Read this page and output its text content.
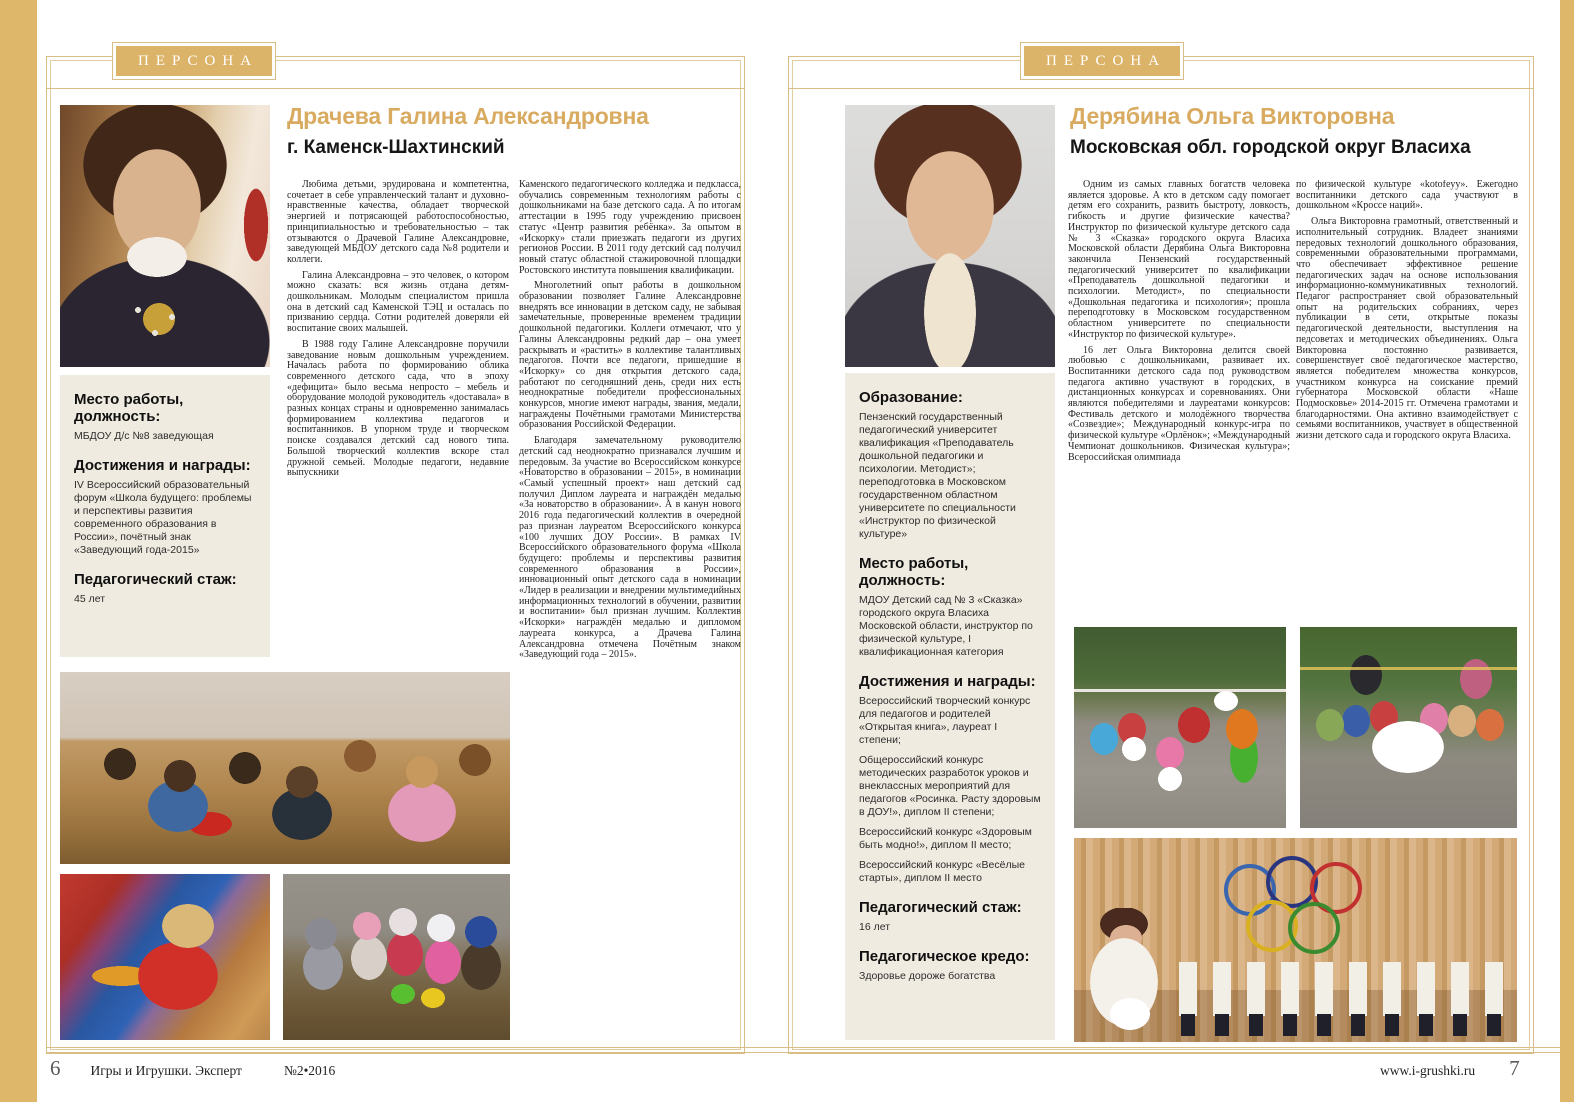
ПЕРСОНА
Драчева Галина Александровна
г. Каменск-Шахтинский
Место работы, должность:

МБДОУ Д/с №8 заведующая

Достижения и награды:

IV Всероссийский образовательный форум «Школа будущего: проблемы и перспективы развития современного образования в России», почётный знак «Заведующий года-2015»

Педагогический стаж:

45 лет

Любима детьми, эрудирована и компетентна, сочетает в себе управленческий талант и духовно-нравственные качества, обладает творческой энергией и потрясающей работоспособностью, принципиальностью и требовательностью – так отзываются о Драчевой Галине Александровне, заведующей МБДОУ детского сада №8 родители и коллеги.

Галина Александровна – это человек, о котором можно сказать: вся жизнь отдана детям-дошкольникам. Молодым специалистом пришла она в детский сад Каменской ТЭЦ и осталась по призванию сердца. Сотни родителей доверяли ей воспитание своих малышей.

В 1988 году Галине Александровне поручили заведование новым дошкольным учреждением. Началась работа по формированию облика современного детского сада, что в эпоху «дефицита» было весьма непросто – мебель и оборудование молодой руководитель «доставала» в разных концах страны и одновременно занималась формированием коллектива педагогов и воспитанников. В упорном труде и творческом поиске создавался детский сад нового типа. Большой творческий коллектив вскоре стал дружной семьей. Молодые педагоги, недавние выпускники

Каменского педагогического колледжа и педкласса, обучались современным технологиям работы с дошкольниками на базе детского сада. А по итогам аттестации в 1995 году учреждению присвоен статус «Центр развития ребёнка». За опытом в «Искорку» стали приезжать педагоги из других регионов России. В 2011 году детский сад получил новый статус областной стажировочной площадки Ростовского института повышения квалификации.

Многолетний опыт работы в дошкольном образовании позволяет Галине Александровне внедрять все инновации в детском саду, не забывая замечательные, проверенные временем традиции дошкольной педагогики. Коллеги отмечают, что у Галины Александровны редкий дар – она умеет раскрывать и «растить» в коллективе талантливых педагогов. Почти все педагоги, пришедшие в «Искорку» со дня открытия детского сада, работают по сегодняшний день, среди них есть неоднократные победители профессиональных конкурсов, многие имеют награды, звания, медали, награждены Почётными грамотами Министерства образования Российской Федерации.

Благодаря замечательному руководителю детский сад неоднократно признавался лучшим и передовым. За участие во Всероссийском конкурсе «Новаторство в образовании – 2015», в номинации «Самый успешный проект» наш детский сад получил Диплом лауреата и награждён медалью «За новаторство в образовании». А в канун нового 2016 года педагогический коллектив в очередной раз признан лауреатом Всероссийского конкурса «100 лучших ДОУ России». В рамках IV Всероссийского образовательного форума «Школа будущего: проблемы и перспективы развития современного образования в России», инновационный опыт детского сада в номинации «Лидер в реализации и внедрении мультимедийных информационных технологий в обучении, развитии и воспитании» был признан лучшим. Коллектив «Искорки» награждён медалью и дипломом лауреата конкурса, а Драчева Галина Александровна отмечена Почётным знаком «Заведующий года – 2015».

ПЕРСОНА
Дерябина Ольга Викторовна
Московская обл. городской округ Власиха
Образование:

Пензенский государственный педагогический университет квалификация «Преподаватель дошкольной педагогики и психологии. Методист»; переподготовка в Московском государственном областном университете по специальности «Инструктор по физической культуре»

Место работы, должность:

МДОУ Детский сад № 3 «Сказка» городского округа Власиха Московской области, инструктор по физической культуре, I квалификационная категория

Достижения и награды:

Всероссийский творческий конкурс для педагогов и родителей «Открытая книга», лауреат I степени;

Общероссийский конкурс методических разработок уроков и внеклассных мероприятий для педагогов «Росинка. Расту здоровым в ДОУ!», диплом II степени;

Всероссийский конкурс «Здоровым быть модно!», диплом II место;

Всероссийский конкурс «Весёлые старты», диплом II место

Педагогический стаж:

16 лет

Педагогическое кредо:

Здоровье дороже богатства

Одним из самых главных богатств человека является здоровье. А кто в детском саду помогает детям его сохранить, развить быстроту, ловкость, гибкость и другие физические качества? Инструктор по физической культуре детского сада № 3 «Сказка» городского округа Власиха Московской области Дерябина Ольга Викторовна закончила Пензенский государственный педагогический университет по квалификации «Преподаватель дошкольной педагогики и психологии. Методист», по специальности «Дошкольная педагогика и психология»; прошла переподготовку в Московском государственном областном университете по специальности «Инструктор по физической культуре».

16 лет Ольга Викторовна делится своей любовью с дошкольниками, развивает их. Воспитанники детского сада под руководством педагога активно участвуют в городских, в дистанционных конкурсах и соревнованиях. Они являются победителями и лауреатами конкурсов: Фестиваль детского и молодёжного творчества «Созвездие»; Международный конкурс-игра по физической культуре «Орлёнок»; «Международный Чемпионат дошкольников. Физическая культура»; Всероссийская олимпиада

по физической культуре «kotofeyy». Ежегодно воспитанники детского сада участвуют в дошкольном «Кроссе наций».

Ольга Викторовна грамотный, ответственный и исполнительный сотрудник. Владеет знаниями передовых технологий дошкольного образования, современными образовательными программами, что обеспечивает эффективное решение педагогических задач на основе использования информационно-коммуникативных технологий. Педагог распространяет свой образовательный опыт на родительских собраниях, через публикации в сети, открытые показы педагогической деятельности, выступления на педсоветах и методических объединениях. Ольга Викторовна постоянно развивается, совершенствует своё педагогическое мастерство, является победителем множества конкурсов, участником конкурса на соискание премий губернатора Московской области «Наше Подмосковье» 2014-2015 гг. Отмечена грамотами и благодарностями. Она активно взаимодействует с семьями воспитанников, участвует в общественной жизни детского сада и городского округа Власиха.

6 Игры и Игрушки. Эксперт	№2•2016	www.i-grushki.ru 7
